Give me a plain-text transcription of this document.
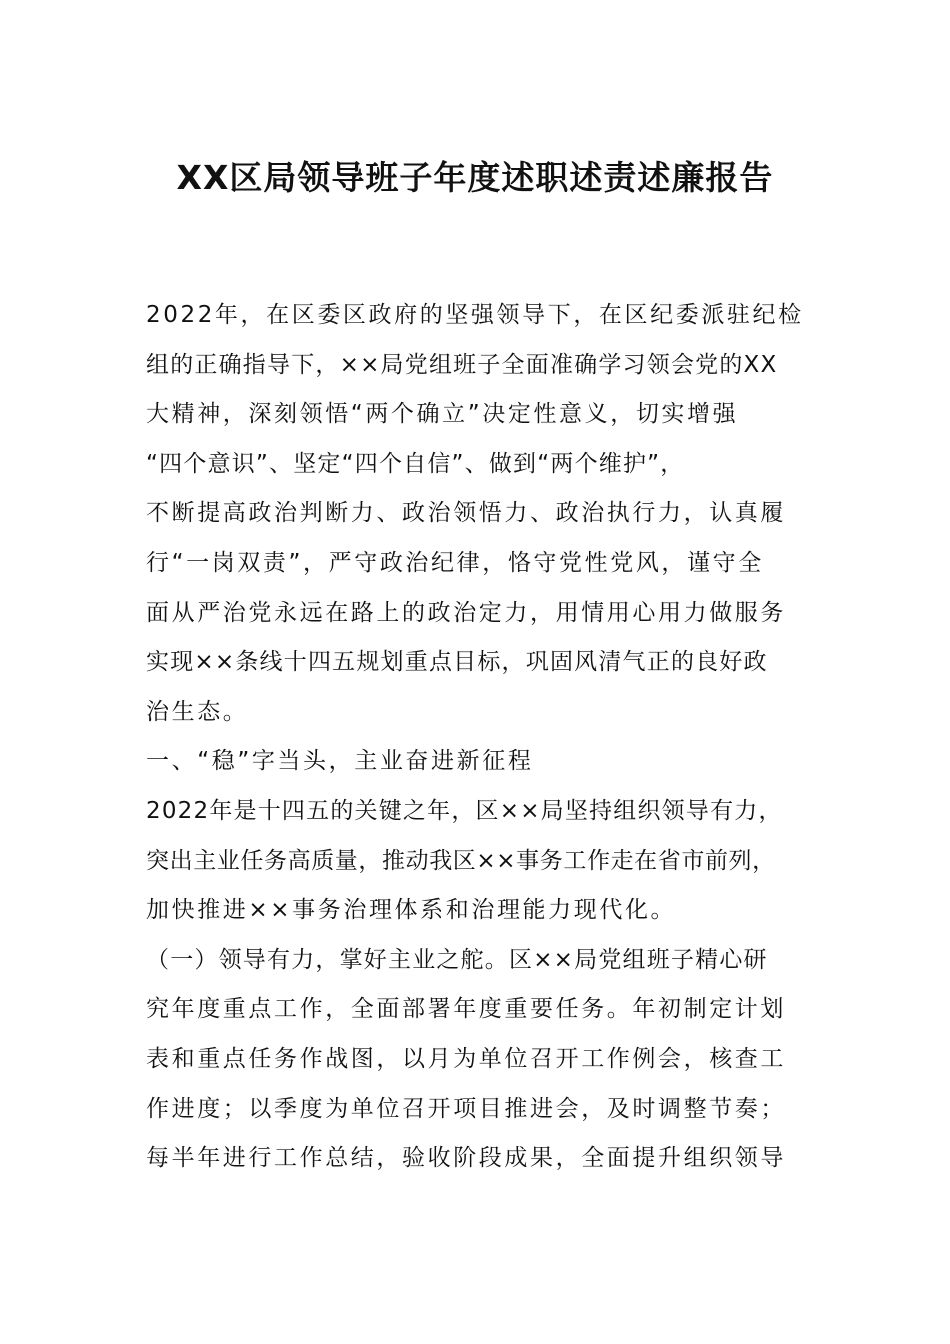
XX区局领导班子年度述职述责述廉报告
2022年，在区委区政府的坚强领导下，在区纪委派驻纪检
组的正确指导下，××局党组班子全面准确学习领会党的XX
大精神，深刻领悟“两个确立”决定性意义，切实增强
“四个意识”、坚定“四个自信”、做到“两个维护”，
不断提高政治判断力、政治领悟力、政治执行力，认真履
行“一岗双责”，严守政治纪律，恪守党性党风，谨守全
面从严治党永远在路上的政治定力，用情用心用力做服务
实现××条线十四五规划重点目标，巩固风清气正的良好政
治生态。
一、“稳”字当头，主业奋进新征程
2022年是十四五的关键之年，区××局坚持组织领导有力，
突出主业任务高质量，推动我区××事务工作走在省市前列，
加快推进××事务治理体系和治理能力现代化。
（一）领导有力，掌好主业之舵。区××局党组班子精心研
究年度重点工作，全面部署年度重要任务。年初制定计划
表和重点任务作战图，以月为单位召开工作例会，核查工
作进度；以季度为单位召开项目推进会，及时调整节奏；
每半年进行工作总结，验收阶段成果，全面提升组织领导
